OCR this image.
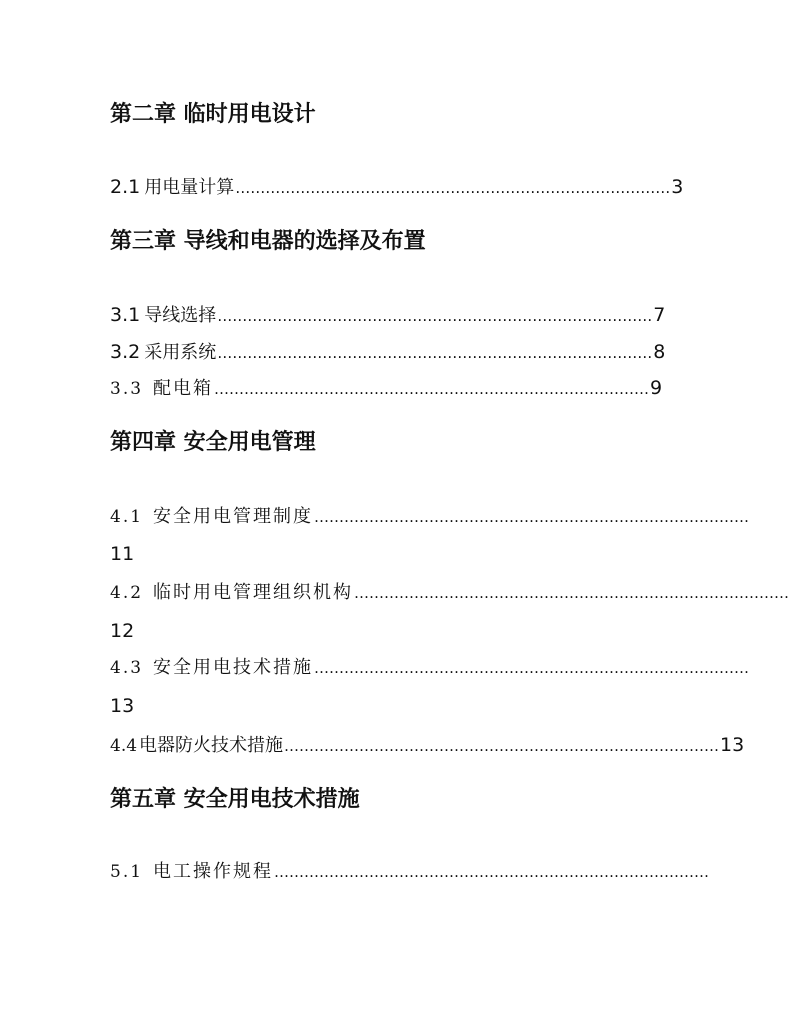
第二章 临时用电设计
2.1 用电量计算 …………………………………………………………………………… 3
第三章 导线和电器的选择及布置
3.1 导线选择 …………………………………………………………………………… 7
3.2 采用系统 …………………………………………………………………………… 8
3.3 配电箱 …………………………………………………………………………… 9
第四章 安全用电管理
4.1 安全用电管理制度 ……………………………………………………………………………
11
4.2 临时用电管理组织机构 ……………………………………………………………………………
12
4.3 安全用电技术措施 ……………………………………………………………………………
13
4.4 电器防火技术措施 …………………………………………………………………………… 13
第五章 安全用电技术措施
5.1 电工操作规程 ……………………………………………………………………………
